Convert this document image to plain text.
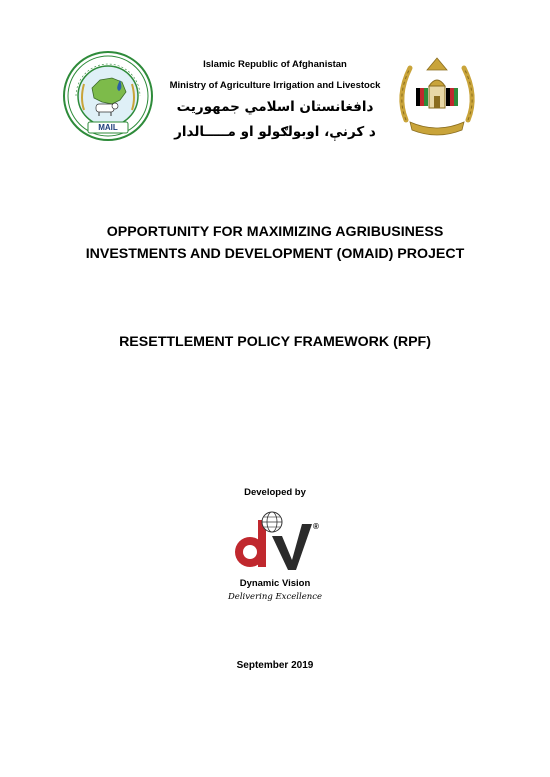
MAIL
Islamic Republic of Afghanistan
Ministry of Agriculture Irrigation and Livestock
دافغانستان اسلامي جمهوريت
د كرنې، اوبولګولو او مـــــالدار
OPPORTUNITY FOR MAXIMIZING AGRIBUSINESS
INVESTMENTS AND DEVELOPMENT (OMAID) PROJECT
RESETTLEMENT POLICY FRAMEWORK (RPF)
Developed by
®
Dynamic Vision
Delivering Excellence
September 2019
